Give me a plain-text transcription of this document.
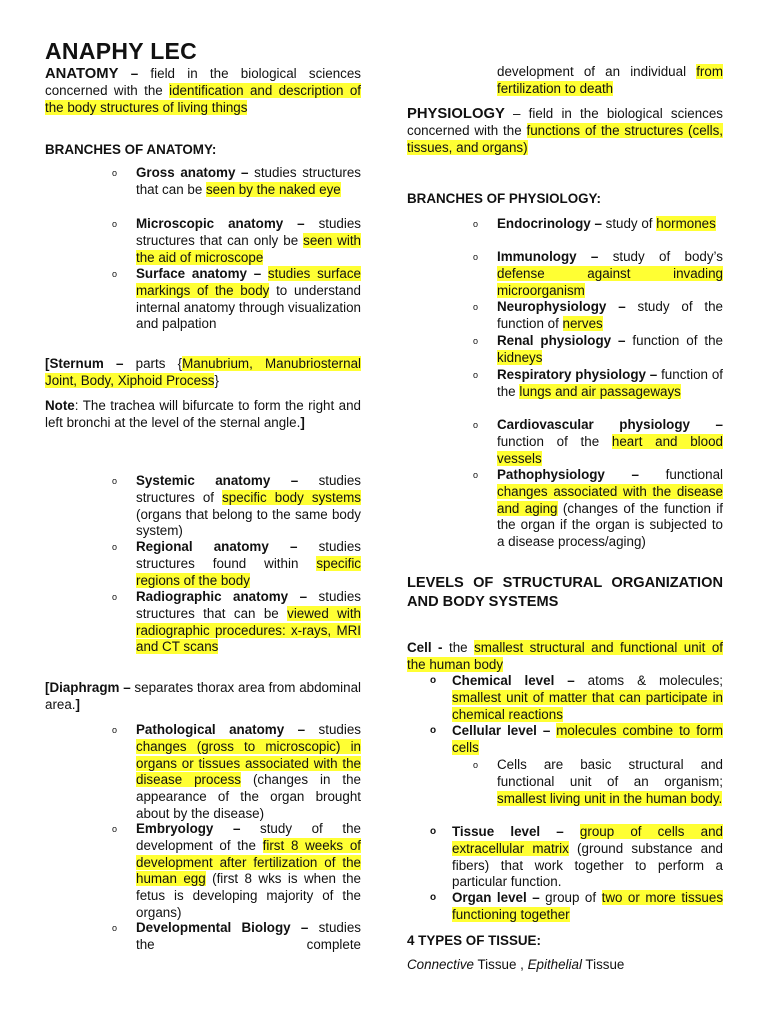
ANAPHY LEC
ANATOMY – field in the biological sciences concerned with the identification and description of the body structures of living things
BRANCHES OF ANATOMY:
o Gross anatomy – studies structures that can be seen by the naked eye
o Microscopic anatomy – studies structures that can only be seen with the aid of microscope
o Surface anatomy – studies surface markings of the body to understand internal anatomy through visualization and palpation
[Sternum – parts {Manubrium, Manubriosternal Joint, Body, Xiphoid Process}
Note: The trachea will bifurcate to form the right and left bronchi at the level of the sternal angle.]
o Systemic anatomy – studies structures of specific body systems (organs that belong to the same body system)
o Regional anatomy – studies structures found within specific regions of the body
o Radiographic anatomy – studies structures that can be viewed with radiographic procedures: x-rays, MRI and CT scans
[Diaphragm – separates thorax area from abdominal area.]
o Pathological anatomy – studies changes (gross to microscopic) in organs or tissues associated with the disease process (changes in the appearance of the organ brought about by the disease)
o Embryology – study of the development of the first 8 weeks of development after fertilization of the human egg (first 8 wks is when the fetus is developing majority of the organs)
o Developmental Biology – studies the complete
development of an individual from fertilization to death
PHYSIOLOGY – field in the biological sciences concerned with the functions of the structures (cells, tissues, and organs)
BRANCHES OF PHYSIOLOGY:
o Endocrinology – study of hormones
o Immunology – study of body’s defense against invading microorganism
o Neurophysiology – study of the function of nerves
o Renal physiology – function of the kidneys
o Respiratory physiology – function of the lungs and air passageways
o Cardiovascular physiology – function of the heart and blood vessels
o Pathophysiology – functional changes associated with the disease and aging (changes of the function if the organ if the organ is subjected to a disease process/aging)
LEVELS OF STRUCTURAL ORGANIZATION AND BODY SYSTEMS
Cell - the smallest structural and functional unit of the human body
o Chemical level – atoms & molecules; smallest unit of matter that can participate in chemical reactions
o Cellular level – molecules combine to form cells
o Cells are basic structural and functional unit of an organism; smallest living unit in the human body.
o Tissue level – group of cells and extracellular matrix (ground substance and fibers) that work together to perform a particular function.
o Organ level – group of two or more tissues functioning together
4 TYPES OF TISSUE:
Connective Tissue , Epithelial Tissue
